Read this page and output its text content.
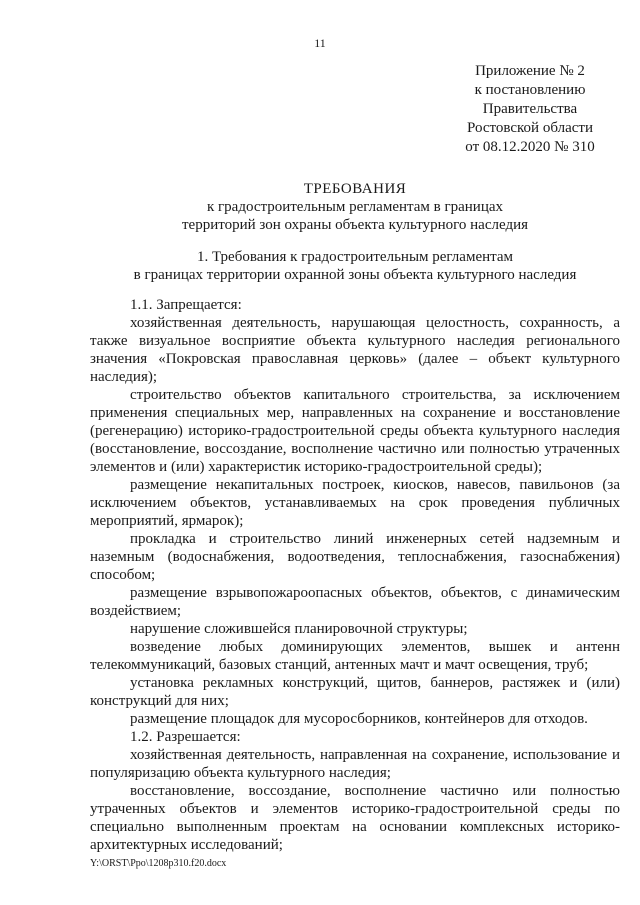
11
Приложение № 2
к постановлению
Правительства
Ростовской области
от 08.12.2020 № 310
ТРЕБОВАНИЯ
к градостроительным регламентам в границах
территорий зон охраны объекта культурного наследия
1. Требования к градостроительным регламентам
в границах территории охранной зоны объекта культурного наследия

1.1. Запрещается:

хозяйственная деятельность, нарушающая целостность, сохранность, а также визуальное восприятие объекта культурного наследия регионального значения «Покровская православная церковь» (далее – объект культурного наследия);

строительство объектов капитального строительства, за исключением применения специальных мер, направленных на сохранение и восстановление (регенерацию) историко-градостроительной среды объекта культурного наследия (восстановление, воссоздание, восполнение частично или полностью утраченных элементов и (или) характеристик историко-градостроительной среды);

размещение некапитальных построек, киосков, навесов, павильонов (за исключением объектов, устанавливаемых на срок проведения публичных мероприятий, ярмарок);

прокладка и строительство линий инженерных сетей надземным и наземным (водоснабжения, водоотведения, теплоснабжения, газоснабжения) способом;

размещение взрывопожароопасных объектов, объектов, с динамическим воздействием;

нарушение сложившейся планировочной структуры;

возведение любых доминирующих элементов, вышек и антенн телекоммуникаций, базовых станций, антенных мачт и мачт освещения, труб;

установка рекламных конструкций, щитов, баннеров, растяжек и (или) конструкций для них;

размещение площадок для мусоросборников, контейнеров для отходов.

1.2. Разрешается:

хозяйственная деятельность, направленная на сохранение, использование и популяризацию объекта культурного наследия;

восстановление, воссоздание, восполнение частично или полностью утраченных объектов и элементов историко-градостроительной среды по специально выполненным проектам на основании комплексных историко-архитектурных исследований;

Y:\ORST\Ppo\1208p310.f20.docx
